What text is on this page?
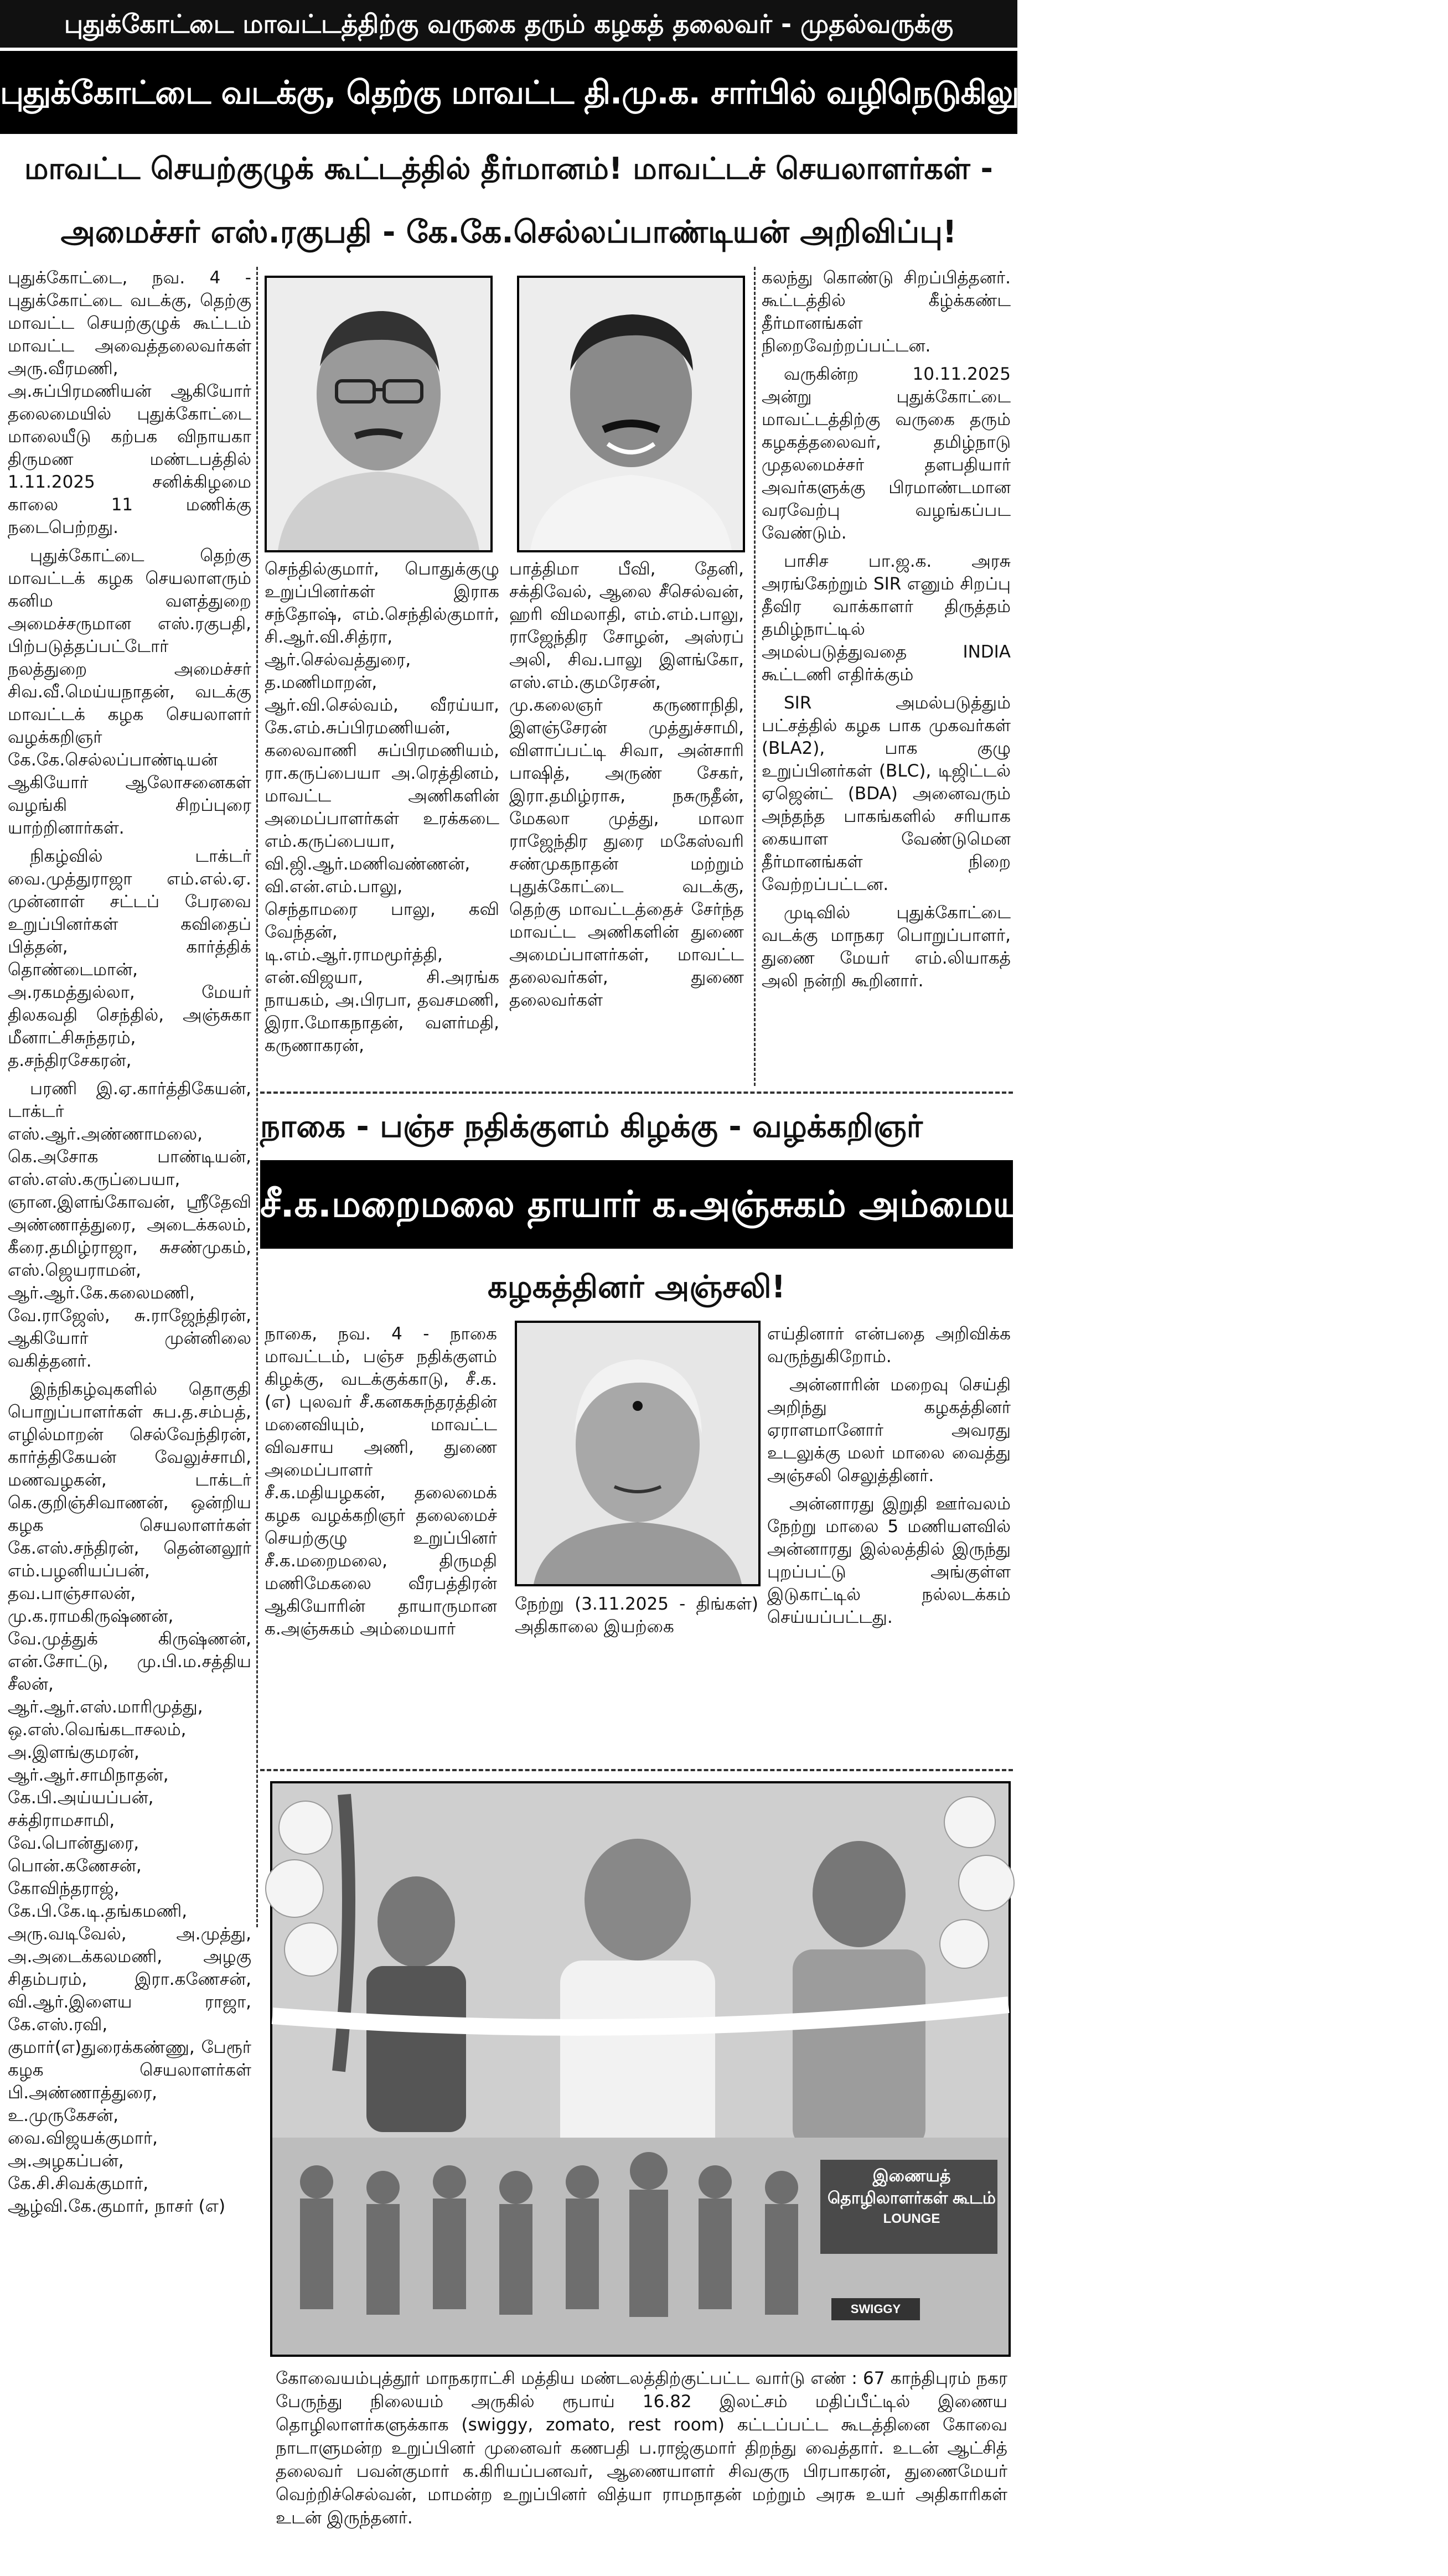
புதுக்கோட்டை மாவட்டத்திற்கு வருகை தரும் கழகத் தலைவர் - முதல்வருக்கு
புதுக்கோட்டை வடக்கு, தெற்கு மாவட்ட தி.மு.க. சார்பில் வழிநெடுகிலும் பிரமாண்டமான வரவேற்பு!
மாவட்ட செயற்குழுக் கூட்டத்தில் தீர்மானம்! மாவட்டச் செயலாளர்கள் -
அமைச்சர் எஸ்.ரகுபதி - கே.கே.செல்லப்பாண்டியன் அறிவிப்பு!

புதுக்கோட்டை, நவ. 4 - புதுக்கோட்டை வடக்கு, தெற்கு மாவட்ட செயற்குழுக் கூட்டம் மாவட்ட அவைத்தலைவர்கள் அரு.வீரமணி, அ.சுப்பிரமணியன் ஆகியோர் தலைமையில் புதுக்கோட்டை மாலையீடு கற்பக விநாயகா திருமண மண்டபத்தில் 1.11.2025 சனிக்கிழமை காலை 11 மணிக்கு நடைபெற்றது.

புதுக்கோட்டை தெற்கு மாவட்டக் கழக செயலாளரும் கனிம வளத்துறை அமைச்சருமான எஸ்.ரகுபதி, பிற்படுத்தப்பட்டோர் நலத்துறை அமைச்சர் சிவ.வீ.மெய்யநாதன், வடக்கு மாவட்டக் கழக செயலாளர் வழக்கறிஞர் கே.கே.செல்லப்பாண்டியன் ஆகியோர் ஆலோசனைகள் வழங்கி சிறப்புரை யாற்றினார்கள்.

நிகழ்வில் டாக்டர் வை.முத்துராஜா எம்.எல்.ஏ. முன்னாள் சட்டப் பேரவை உறுப்பினர்கள் கவிதைப் பித்தன், கார்த்திக் தொண்டைமான், அ.ரகமத்துல்லா, மேயர் திலகவதி செந்தில், அஞ்சுகா மீனாட்சிசுந்தரம், த.சந்திரசேகரன்,

பரணி இ.ஏ.கார்த்திகேயன், டாக்டர் எஸ்.ஆர்.அண்ணாமலை, கெ.அசோக பாண்டியன், எஸ்.எஸ்.கருப்பையா, ஞான.இளங்கோவன், ஸ்ரீதேவி அண்ணாத்துரை, அடைக்கலம், கீரை.தமிழ்ராஜா, சுசண்முகம், எஸ்.ஜெயராமன், ஆர்.ஆர்.கே.கலைமணி, வே.ராஜேஸ், சு.ராஜேந்திரன், ஆகியோர் முன்னிலை வகித்தனர்.

இந்நிகழ்வுகளில் தொகுதி பொறுப்பாளர்கள் சுப.த.சம்பத், எழில்மாறன் செல்வேந்திரன், கார்த்திகேயன் வேலுச்சாமி, மணவழகன், டாக்டர் கெ.குறிஞ்சிவாணன், ஒன்றிய கழக செயலாளர்கள் கே.எஸ்.சந்திரன், தென்னலூர் எம்.பழனியப்பன், தவ.பாஞ்சாலன், மு.க.ராமகிருஷ்ணன், வே.முத்துக் கிருஷ்ணன், என்.சோட்டு, மு.பி.ம.சத்திய சீலன், ஆர்.ஆர்.எஸ்.மாரிமுத்து, ஒ.எஸ்.வெங்கடாசலம், அ.இளங்குமரன், ஆர்.ஆர்.சாமிநாதன், கே.பி.அய்யப்பன், சக்திராமசாமி, வே.பொன்துரை, பொன்.கணேசன், கோவிந்தராஜ், கே.பி.கே.டி.தங்கமணி, அரு.வடிவேல், அ.முத்து, அ.அடைக்கலமணி, அழகு சிதம்பரம், இரா.கணேசன், வி.ஆர்.இளைய ராஜா, கே.எஸ்.ரவி, குமார்(எ)துரைக்கண்ணு, பேரூர் கழக செயலாளர்கள் பி.அண்ணாத்துரை, உ.முருகேசன், வை.விஜயக்குமார், அ.அழகப்பன், கே.சி.சிவக்குமார், ஆழ்வி.கே.குமார், நாசர் (எ)

செந்தில்குமார், பொதுக்குழு உறுப்பினர்கள் இராக சந்தோஷ், எம்.செந்தில்குமார், சி.ஆர்.வி.சித்ரா, ஆர்.செல்வத்துரை, த.மணிமாறன், ஆர்.வி.செல்வம், வீரய்யா, கே.எம்.சுப்பிரமணியன், கலைவாணி சுப்பிரமணியம், ரா.கருப்பையா அ.ரெத்தினம், மாவட்ட அணிகளின் அமைப்பாளர்கள் உரக்கடை எம்.கருப்பையா, வி.ஜி.ஆர்.மணிவண்ணன், வி.என்.எம்.பாலு, செந்தாமரை பாலு, கவி வேந்தன், டி.எம்.ஆர்.ராமமூர்த்தி, என்.விஜயா, சி.அரங்க நாயகம், அ.பிரபா, தவசமணி, இரா.மோகநாதன், வளர்மதி, கருணாகரன்,

பாத்திமா பீவி, தேனி, சக்திவேல், ஆலை சீசெல்வன், ஹரி விமலாதி, எம்.எம்.பாலு, ராஜேந்திர சோழன், அஸ்ரப் அலி, சிவ.பாலு இளங்கோ, எஸ்.எம்.குமரேசன், மு.கலைஞர் கருணாநிதி, இளஞ்சேரன் முத்துச்சாமி, விளாப்பட்டி சிவா, அன்சாரி பாஷித், அருண் சேகர், இரா.தமிழ்ராசு, நசுருதீன், மேகலா முத்து, மாலா ராஜேந்திர துரை மகேஸ்வரி சண்முகநாதன் மற்றும் புதுக்கோட்டை வடக்கு, தெற்கு மாவட்டத்தைச் சேர்ந்த மாவட்ட அணிகளின் துணை அமைப்பாளர்கள், மாவட்ட தலைவர்கள், துணை தலைவர்கள்

கலந்து கொண்டு சிறப்பித்தனர். கூட்டத்தில் கீழ்க்கண்ட தீர்மானங்கள் நிறைவேற்றப்பட்டன.

வருகின்ற 10.11.2025 அன்று புதுக்கோட்டை மாவட்டத்திற்கு வருகை தரும் கழகத்தலைவர், தமிழ்நாடு முதலமைச்சர் தளபதியார் அவர்களுக்கு பிரமாண்டமான வரவேற்பு வழங்கப்பட வேண்டும்.

பாசிச பா.ஜ.க. அரசு அரங்கேற்றும் SIR எனும் சிறப்பு தீவிர வாக்காளர் திருத்தம் தமிழ்நாட்டில் அமல்படுத்துவதை INDIA கூட்டணி எதிர்க்கும்

SIR அமல்படுத்தும் பட்சத்தில் கழக பாக முகவர்கள் (BLA2), பாக குழு உறுப்பினர்கள் (BLC), டிஜிட்டல் ஏஜென்ட் (BDA) அனைவரும் அந்தந்த பாகங்களில் சரியாக கையாள வேண்டுமென தீர்மானங்கள் நிறை வேற்றப்பட்டன.

முடிவில் புதுக்கோட்டை வடக்கு மாநகர பொறுப்பாளர், துணை மேயர் எம்.லியாகத் அலி நன்றி கூறினார்.

நாகை - பஞ்ச நதிக்குளம் கிழக்கு - வழக்கறிஞர்
சீ.க.மறைமலை தாயார் க.அஞ்சுகம் அம்மையார் மறைவு!
கழகத்தினர் அஞ்சலி!

நாகை, நவ. 4 - நாகை மாவட்டம், பஞ்ச நதிக்குளம் கிழக்கு, வடக்குக்காடு, சீ.க.(எ) புலவர் சீ.கனகசுந்தரத்தின் மனைவியும், மாவட்ட விவசாய அணி, துணை அமைப்பாளர் சீ.க.மதியழகன், தலைமைக் கழக வழக்கறிஞர் தலைமைச் செயற்குழு உறுப்பினர் சீ.க.மறைமலை, திருமதி மணிமேகலை வீரபத்திரன் ஆகியோரின் தாயாருமான க.அஞ்சுகம் அம்மையார்

நேற்று (3.11.2025 - திங்கள்) அதிகாலை இயற்கை

எய்தினார் என்பதை அறிவிக்க வருந்துகிறோம்.

அன்னாரின் மறைவு செய்தி அறிந்து கழகத்தினர் ஏராளமானோர் அவரது உடலுக்கு மலர் மாலை வைத்து அஞ்சலி செலுத்தினர்.

அன்னாரது இறுதி ஊர்வலம் நேற்று மாலை 5 மணியளவில் அன்னாரது இல்லத்தில் இருந்து புறப்பட்டு அங்குள்ள இடுகாட்டில் நல்லடக்கம் செய்யப்பட்டது.

இணையத்
தொழிலாளர்கள் கூடம்
LOUNGE
SWIGGY
கோவையம்புத்தூர் மாநகராட்சி மத்திய மண்டலத்திற்குட்பட்ட வார்டு எண் : 67 காந்திபுரம் நகர பேருந்து நிலையம் அருகில் ரூபாய் 16.82 இலட்சம் மதிப்பீட்டில் இணைய தொழிலாளர்களுக்காக (swiggy, zomato, rest room) கட்டப்பட்ட கூடத்தினை கோவை நாடாளுமன்ற உறுப்பினர் முனைவர் கணபதி ப.ராஜ்குமார் திறந்து வைத்தார். உடன் ஆட்சித் தலைவர் பவன்குமார் க.கிரியப்பனவர், ஆணையாளர் சிவகுரு பிரபாகரன், துணைமேயர் வெற்றிச்செல்வன், மாமன்ற உறுப்பினர் வித்யா ராமநாதன் மற்றும் அரசு உயர் அதிகாரிகள் உடன் இருந்தனர்.
